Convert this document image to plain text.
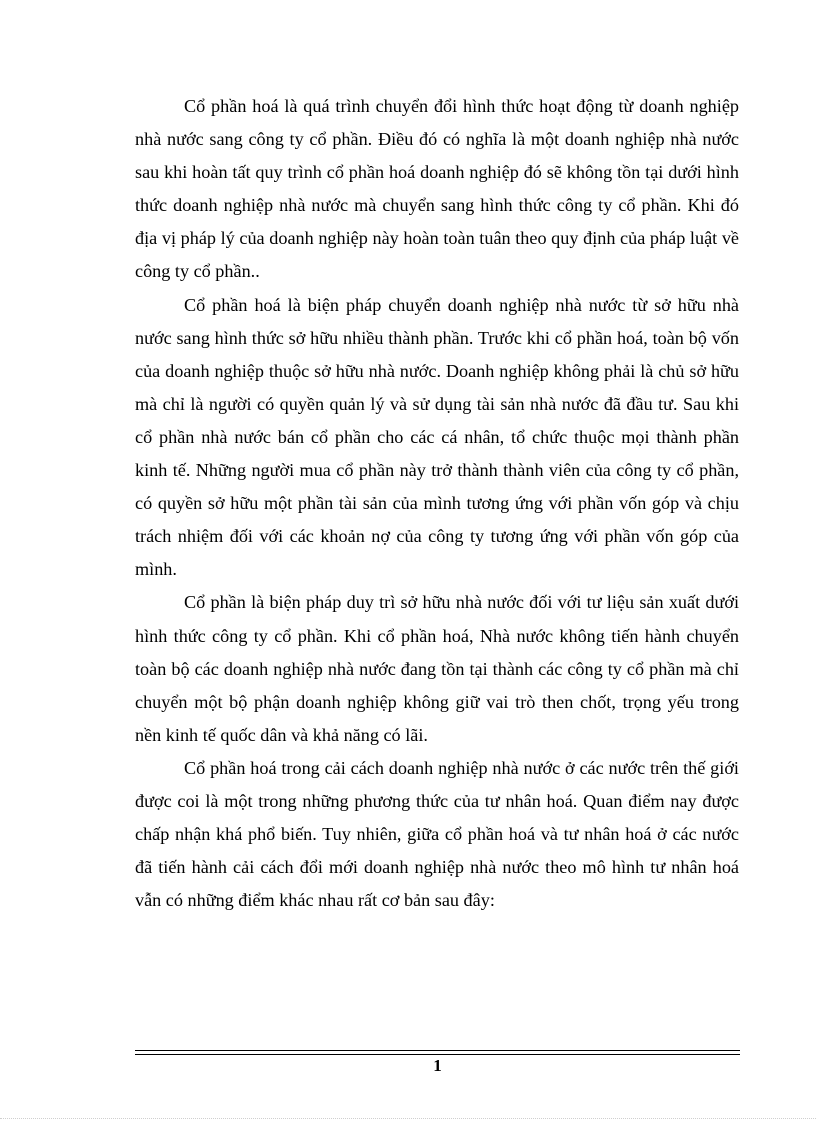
Cổ phần hoá là quá trình chuyển đổi hình thức hoạt động từ doanh nghiệp nhà nước sang công ty cổ phần. Điều đó có nghĩa là một doanh nghiệp nhà nước sau khi hoàn tất quy trình cổ phần hoá doanh nghiệp đó sẽ không tồn tại dưới hình thức doanh nghiệp nhà nước mà chuyển sang hình thức công ty cổ phần. Khi đó địa vị pháp lý của doanh nghiệp này hoàn toàn tuân theo quy định của pháp luật về công ty cổ phần..

Cổ phần hoá là biện pháp chuyển doanh nghiệp nhà nước từ sở hữu nhà nước sang hình thức sở hữu nhiều thành phần. Trước khi cổ phần hoá, toàn bộ vốn của doanh nghiệp thuộc sở hữu nhà nước. Doanh nghiệp không phải là chủ sở hữu mà chỉ là người có quyền quản lý và sử dụng tài sản nhà nước đã đầu tư. Sau khi cổ phần nhà nước bán cổ phần cho các cá nhân, tổ chức thuộc mọi thành phần kinh tế. Những người mua cổ phần này trở thành thành viên của công ty cổ phần, có quyền sở hữu một phần tài sản của mình tương ứng với phần vốn góp và chịu trách nhiệm đối với các khoản nợ của công ty tương ứng với phần vốn góp của mình.

Cổ phần là biện pháp duy trì sở hữu nhà nước đối với tư liệu sản xuất dưới hình thức công ty cổ phần. Khi cổ phần hoá, Nhà nước không tiến hành chuyển toàn bộ các doanh nghiệp nhà nước đang tồn tại thành các công ty cổ phần mà chỉ chuyển một bộ phận doanh nghiệp không giữ vai trò then chốt, trọng yếu trong nền kinh tế quốc dân và khả năng có lãi.

Cổ phần hoá trong cải cách doanh nghiệp nhà nước ở các nước trên thế giới được coi là một trong những phương thức của tư nhân hoá. Quan điểm nay được chấp nhận khá phổ biến. Tuy nhiên, giữa cổ phần hoá và tư nhân hoá ở các nước đã tiến hành cải cách đổi mới doanh nghiệp nhà nước theo mô hình tư nhân hoá vẫn có những điểm khác nhau rất cơ bản sau đây:

1
